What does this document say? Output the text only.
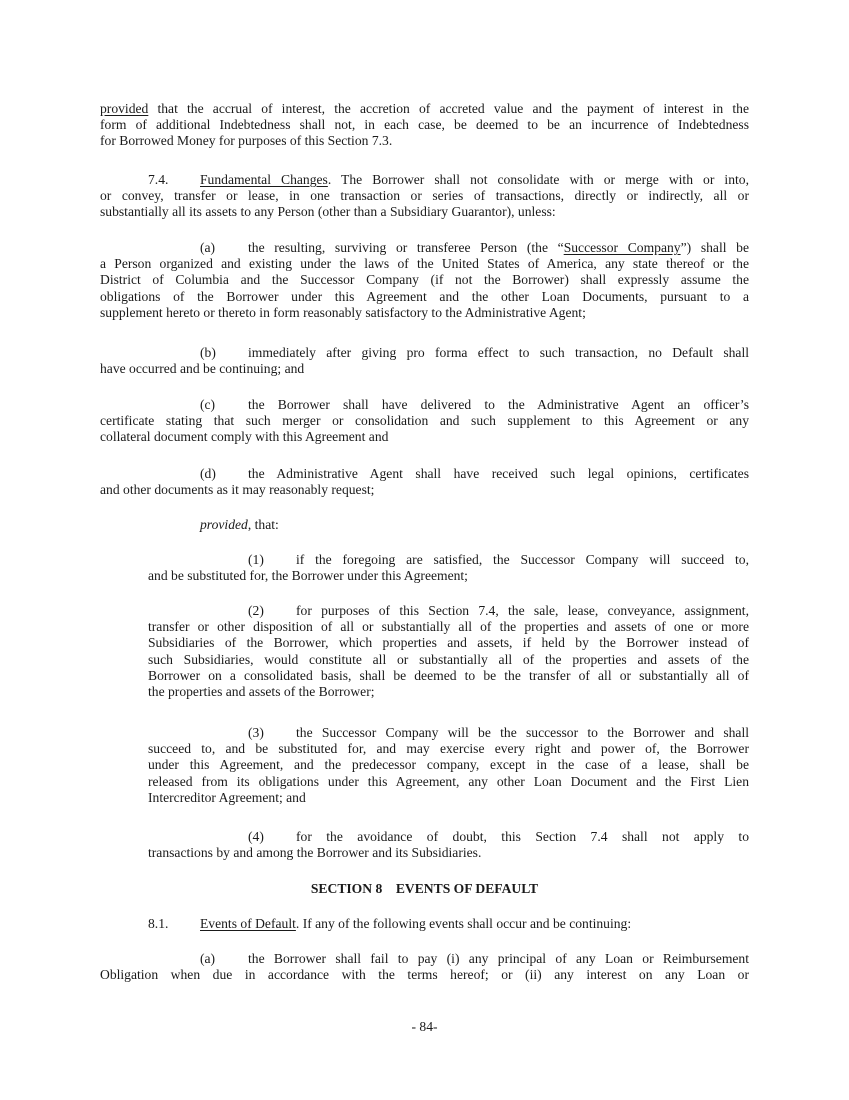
provided that the accrual of interest, the accretion of accreted value and the payment of interest in the
form of additional Indebtedness shall not, in each case, be deemed to be an incurrence of Indebtedness
for Borrowed Money for purposes of this Section 7.3.

7.4. Fundamental Changes. The Borrower shall not consolidate with or merge with or into,
or convey, transfer or lease, in one transaction or series of transactions, directly or indirectly, all or
substantially all its assets to any Person (other than a Subsidiary Guarantor), unless:

(a) the resulting, surviving or transferee Person (the “Successor Company”) shall be
a Person organized and existing under the laws of the United States of America, any state thereof or the
District of Columbia and the Successor Company (if not the Borrower) shall expressly assume the
obligations of the Borrower under this Agreement and the other Loan Documents, pursuant to a
supplement hereto or thereto in form reasonably satisfactory to the Administrative Agent;

(b) immediately after giving pro forma effect to such transaction, no Default shall
have occurred and be continuing; and

(c) the Borrower shall have delivered to the Administrative Agent an officer’s
certificate stating that such merger or consolidation and such supplement to this Agreement or any
collateral document comply with this Agreement and

(d) the Administrative Agent shall have received such legal opinions, certificates
and other documents as it may reasonably request;

provided, that:

(1) if the foregoing are satisfied, the Successor Company will succeed to,
and be substituted for, the Borrower under this Agreement;

(2) for purposes of this Section 7.4, the sale, lease, conveyance, assignment,
transfer or other disposition of all or substantially all of the properties and assets of one or more
Subsidiaries of the Borrower, which properties and assets, if held by the Borrower instead of
such Subsidiaries, would constitute all or substantially all of the properties and assets of the
Borrower on a consolidated basis, shall be deemed to be the transfer of all or substantially all of
the properties and assets of the Borrower;

(3) the Successor Company will be the successor to the Borrower and shall
succeed to, and be substituted for, and may exercise every right and power of, the Borrower
under this Agreement, and the predecessor company, except in the case of a lease, shall be
released from its obligations under this Agreement, any other Loan Document and the First Lien
Intercreditor Agreement; and

(4) for the avoidance of doubt, this Section 7.4 shall not apply to
transactions by and among the Borrower and its Subsidiaries.

SECTION 8    EVENTS OF DEFAULT

8.1. Events of Default. If any of the following events shall occur and be continuing:

(a) the Borrower shall fail to pay (i) any principal of any Loan or Reimbursement
Obligation when due in accordance with the terms hereof; or (ii) any interest on any Loan or

- 84-
